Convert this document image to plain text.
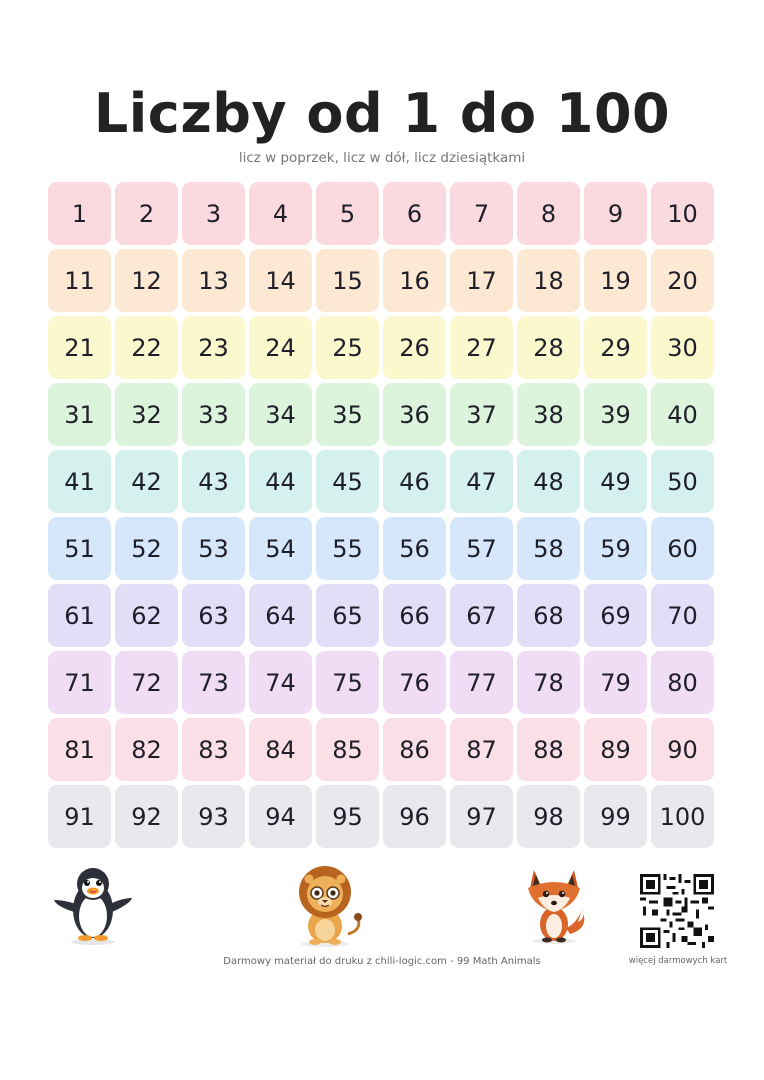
Liczby od 1 do 100
licz w poprzek, licz w dół, licz dziesiątkami
1	2	3	4	5	6	7	8	9	10
11	12	13	14	15	16	17	18	19	20
21	22	23	24	25	26	27	28	29	30
31	32	33	34	35	36	37	38	39	40
41	42	43	44	45	46	47	48	49	50
51	52	53	54	55	56	57	58	59	60
61	62	63	64	65	66	67	68	69	70
71	72	73	74	75	76	77	78	79	80
81	82	83	84	85	86	87	88	89	90
91	92	93	94	95	96	97	98	99	100
więcej darmowych kart
Darmowy materiał do druku z chili-logic.com - 99 Math Animals
